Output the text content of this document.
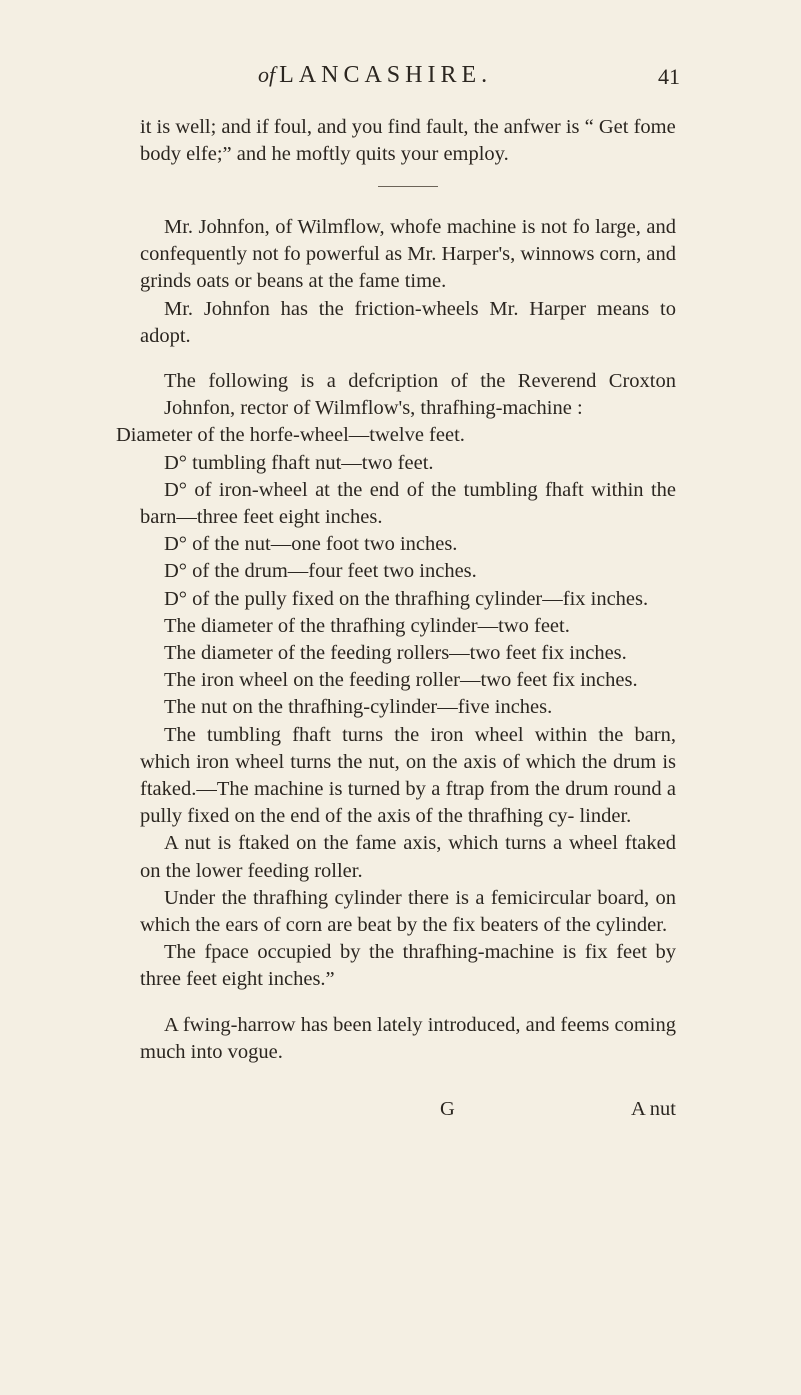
of LANCASHIRE.	41

it is well; and if foul, and you find fault, the anfwer is “ Get fome body elfe;” and he moftly quits your employ.

Mr. Johnfon, of Wilmflow, whofe machine is not fo large, and confequently not fo powerful as Mr. Harper's, winnows corn, and grinds oats or beans at the fame time.

Mr. Johnfon has the friction-wheels Mr. Harper means to adopt.

The following is a defcription of the Reverend Croxton Johnfon, rector of Wilmflow's, thrafhing-machine :

Diameter of the horfe-wheel—twelve feet.

D° tumbling fhaft nut—two feet.

D° of iron-wheel at the end of the tumbling fhaft within the barn—three feet eight inches.

D° of the nut—one foot two inches.

D° of the drum—four feet two inches.

D° of the pully fixed on the thrafhing cylinder—fix inches.

The diameter of the thrafhing cylinder—two feet.

The diameter of the feeding rollers—two feet fix inches.

The iron wheel on the feeding roller—two feet fix inches.

The nut on the thrafhing-cylinder—five inches.

The tumbling fhaft turns the iron wheel within the barn, which iron wheel turns the nut, on the axis of which the drum is ftaked.—The machine is turned by a ftrap from the drum round a pully fixed on the end of the axis of the thrafhing cy- linder.

A nut is ftaked on the fame axis, which turns a wheel ftaked on the lower feeding roller.

Under the thrafhing cylinder there is a femicircular board, on which the ears of corn are beat by the fix beaters of the cylinder.

The fpace occupied by the thrafhing-machine is fix feet by three feet eight inches.”

A fwing-harrow has been lately introduced, and feems coming much into vogue.

G	A nut
